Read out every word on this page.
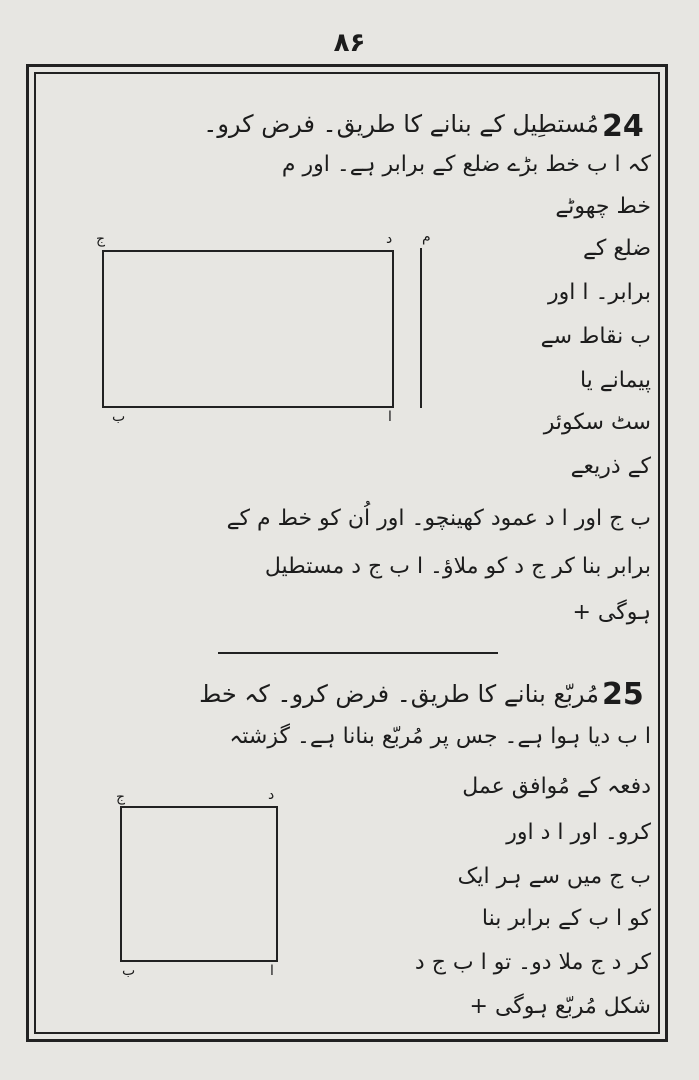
۸۶
24
مُستطِیل کے بنانے کا طریق۔ فرض کرو۔
کہ ا ب خط بڑے ضلع کے برابر ہے۔ اور م
خط چھوٹے
ضلع کے
برابر۔ ا اور
ب نقاط سے
پیمانے یا
سٹ سکوئر
کے ذریعے
ب ج اور ا د عمود کھینچو۔ اور اُن کو خط م کے
برابر بنا کر ج د کو ملاؤ۔ ا ب ج د مستطیل
ہوگی +
ج	د
ب	ا
م
25
مُربّع بنانے کا طریق۔ فرض کرو۔ کہ خط
ا ب دیا ہوا ہے۔ جس پر مُربّع بنانا ہے۔ گزشتہ
دفعہ کے مُوافق عمل
کرو۔ اور ا د اور
ب ج میں سے ہر ایک
کو ا ب کے برابر بنا
کر د ج ملا دو۔ تو ا ب ج د
شکل مُربّع ہوگی +
ج	د
ب	ا
